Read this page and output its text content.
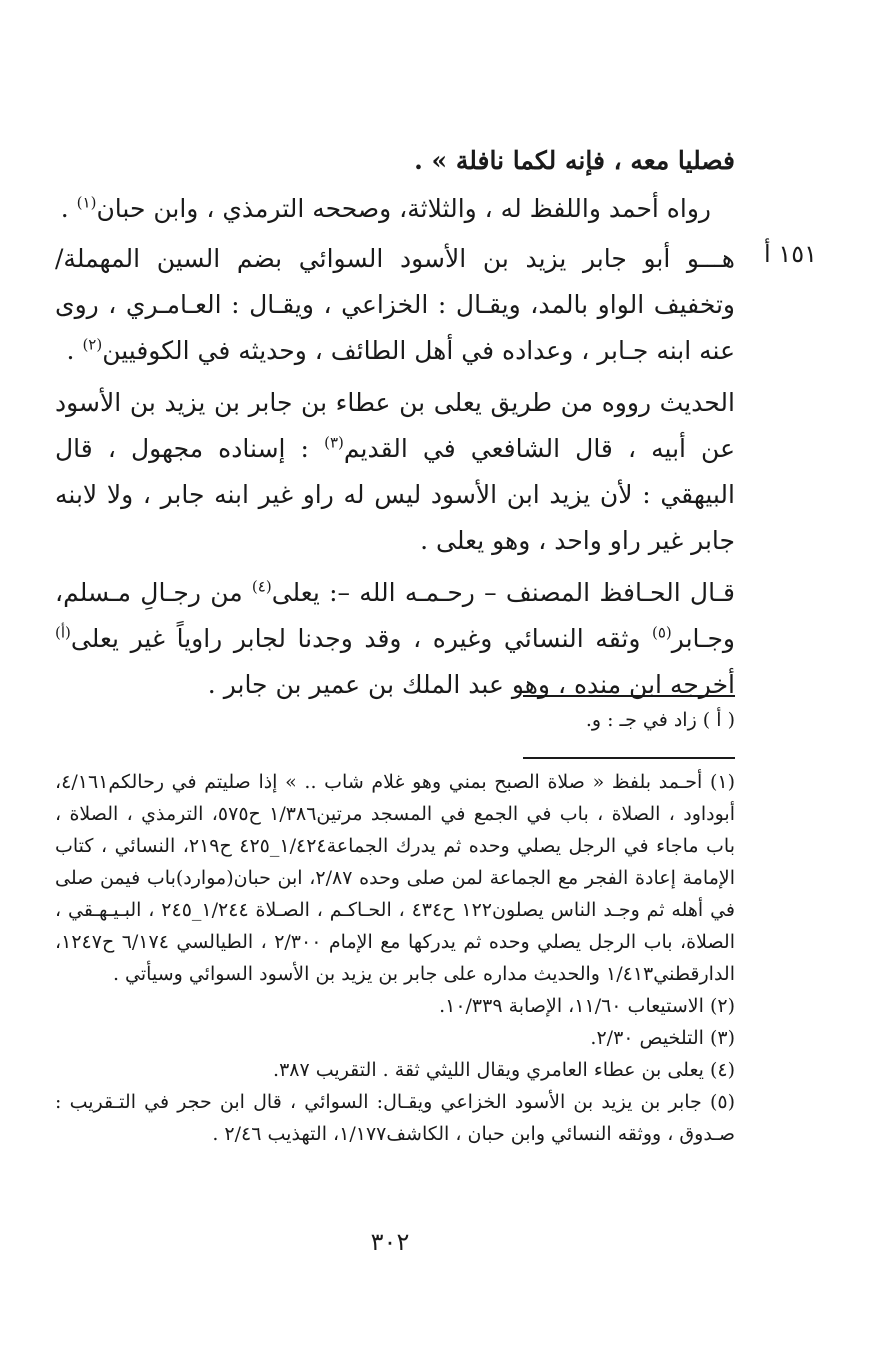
فصليا معه ، فإنه لكما نافلة » .

رواه أحمد واللفظ له ، والثلاثة، وصححه الترمذي ، وابن حبان$^{(١)}$ .

هـــو أبو جابر يزيد بن الأسود السوائي بضم السين المهملة/ وتخفيف الواو بالمد، ويقـال : الخزاعي ، ويقـال : العـامـري ، روى عنه ابنه جـابر ، وعداده في أهل الطائف ، وحديثه في الكوفيين$^{(٢)}$ .

الحديث رووه من طريق يعلى بن عطاء بن جابر بن يزيد بن الأسود عن أبيه ، قال الشافعي في القديم$^{(٣)}$ : إسناده مجهول ، قال البيهقي : لأن يزيد ابن الأسود ليس له راو غير ابنه جابر ، ولا لابنه جابر غير راو واحد ، وهو يعلى .

قـال الحـافظ المصنف – رحـمـه الله –: يعلى$^{(٤)}$ من رجـالِ مـسلم، وجـابر$^{(٥)}$ وثقه النسائي وغيره ، وقد وجدنا لجابر راوياً غير يعلى$^{(أ)}$ أخرجه ابن منده ، وهو عبد الملك بن عمير بن جابر .

١٥١ أ
( أ ) زاد في جـ : و.

(١) أحـمد بلفظ « صلاة الصبح بمني وهو غلام شاب .. » إذا صليتم في رحالكم٤/١٦١، أبوداود ، الصلاة ، باب في الجمع في المسجد مرتين١/٣٨٦ ح٥٧٥، الترمذي ، الصلاة ، باب ماجاء في الرجل يصلي وحده ثم يدرك الجماعة١/٤٢٤_٤٢٥ ح٢١٩، النسائي ، كتاب الإمامة إعادة الفجر مع الجماعة لمن صلى وحده ٢/٨٧، ابن حبان(موارد)باب فيمن صلى في أهله ثم وجـد الناس يصلون١٢٢ ح٤٣٤ ، الحـاكـم ، الصـلاة ١/٢٤٤_٢٤٥ ، البـيـهـقي ، الصلاة، باب الرجل يصلي وحده ثم يدركها مع الإمام ٢/٣٠٠ ، الطيالسي ٦/١٧٤ ح١٢٤٧، الدارقطني١/٤١٣ والحديث مداره على جابر بن يزيد بن الأسود السوائي وسيأتي .

(٢) الاستيعاب ١١/٦٠، الإصابة ١٠/٣٣٩.

(٣) التلخيص ٢/٣٠.

(٤) يعلى بن عطاء العامري ويقال الليثي ثقة . التقريب ٣٨٧.

(٥) جابر بن يزيد بن الأسود الخزاعي ويقـال: السوائي ، قال ابن حجر في التـقريب : صـدوق ، ووثقه النسائي وابن حبان ، الكاشف١/١٧٧، التهذيب ٢/٤٦ .

٣٠٢
